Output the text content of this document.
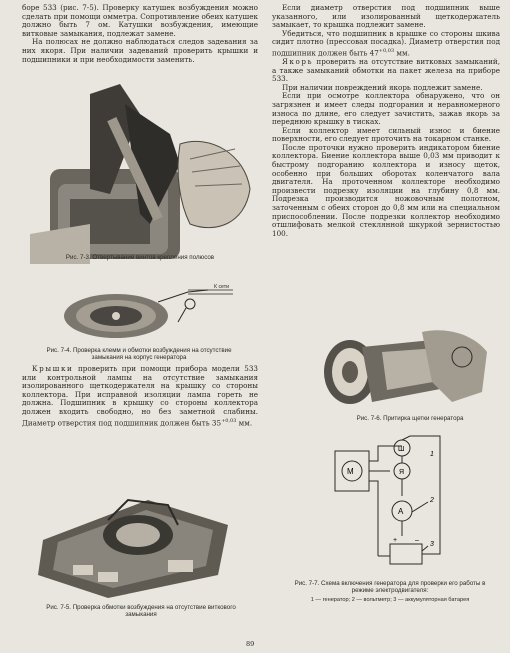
боре 533 (рис. 7-5). Проверку катушек возбуждения можно сделать при помощи омметра. Сопротивление обеих катушек должно быть 7 ом. Катушки возбуждения, имеющие витковые замыкания, подлежат замене.

На полюсах не должно наблюдаться следов задевания за них якоря. При наличии задеваний проверить крышки и подшипники и при необходимости заменить.

Рис. 7-3. Отвертывание винтов крепления полюсов

К сети

Рис. 7-4. Проверка клемм и обмотки возбуждения на отсутствие замыкания на корпус генератора

Крышки проверить при помощи прибора модели 533 или контрольной лампы на отсутствие замыкания изолированного щеткодержателя на крышку со стороны коллектора. При исправной изоляции лампа гореть не должна. Подшипник в крышку со стороны коллектора должен входить свободно, но без заметной слабины. Диаметр отверстия под подшипник должен быть $35^{+0,03}$ мм.

Рис. 7-5. Проверка обмотки возбуждения на отсутствие виткового замыкания

Если диаметр отверстия под подшипник выше указанного, или изолированный щеткодержатель замыкает, то крышка подлежит замене.

Убедиться, что подшипник в крышке со стороны шкива сидит плотно (прессовая посадка). Диаметр отверстия под подшипник должен быть $47^{+0,03}$ мм.

Якорь проверить на отсутствие витковых замыканий, а также замыканий обмотки на пакет железа на приборе 533.

При наличии повреждений якорь подлежит замене.

Если при осмотре коллектора обнаружено, что он загрязнен и имеет следы подгорания и неравномерного износа по длине, его следует зачистить, зажав якорь за переднюю крышку в тисках.

Если коллектор имеет сильный износ и биение поверхности, его следует проточить на токарном станке.

После проточки нужно проверить индикатором биение коллектора. Биение коллектора выше 0,03 мм приводит к быстрому подгоранию коллектора и износу щеток, особенно при больших оборотах коленчатого вала двигателя. На проточенном коллекторе необходимо произвести подрезку изоляции на глубину 0,8 мм. Подрезка производится ножовочным полотном, заточенным с обеих сторон до 0,8 мм или на специальном приспособлении. После подрезки коллектор необходимо отшлифовать мелкой стеклянной шкуркой зернистостью 100.

Рис. 7-6. Притирка щетки генератора

М
Ш
Я
А
1
2
3
+	–

Рис. 7-7. Схема включения генератора для проверки его работы в режиме электродвигателя:

1 — генератор; 2 — вольтметр; 3 — аккумуляторная батарея

89
